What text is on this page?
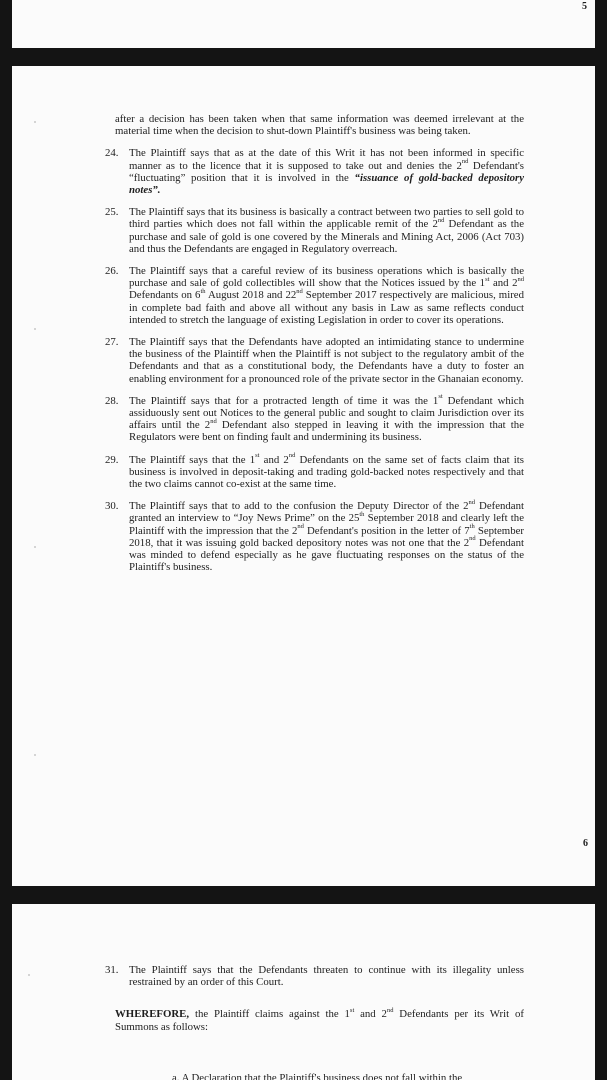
5

after a decision has been taken when that same information was deemed irrelevant at the material time when the decision to shut-down Plaintiff's business was being taken.

24. The Plaintiff says that as at the date of this Writ it has not been informed in specific manner as to the licence that it is supposed to take out and denies the 2nd Defendant's “fluctuating” position that it is involved in the “issuance of gold-backed depository notes”.

25. The Plaintiff says that its business is basically a contract between two parties to sell gold to third parties which does not fall within the applicable remit of the 2nd Defendant as the purchase and sale of gold is one covered by the Minerals and Mining Act, 2006 (Act 703) and thus the Defendants are engaged in Regulatory overreach.

26. The Plaintiff says that a careful review of its business operations which is basically the purchase and sale of gold collectibles will show that the Notices issued by the 1st and 2nd Defendants on 6th August 2018 and 22nd September 2017 respectively are malicious, mired in complete bad faith and above all without any basis in Law as same reflects conduct intended to stretch the language of existing Legislation in order to cover its operations.

27. The Plaintiff says that the Defendants have adopted an intimidating stance to undermine the business of the Plaintiff when the Plaintiff is not subject to the regulatory ambit of the Defendants and that as a constitutional body, the Defendants have a duty to foster an enabling environment for a pronounced role of the private sector in the Ghanaian economy.

28. The Plaintiff says that for a protracted length of time it was the 1st Defendant which assiduously sent out Notices to the general public and sought to claim Jurisdiction over its affairs until the 2nd Defendant also stepped in leaving it with the impression that the Regulators were bent on finding fault and undermining its business.

29. The Plaintiff says that the 1st and 2nd Defendants on the same set of facts claim that its business is involved in deposit-taking and trading gold-backed notes respectively and that the two claims cannot co-exist at the same time.

30. The Plaintiff says that to add to the confusion the Deputy Director of the 2nd Defendant granted an interview to “Joy News Prime” on the 25th September 2018 and clearly left the Plaintiff with the impression that the 2nd Defendant's position in the letter of 7th September 2018, that it was issuing gold backed depository notes was not one that the 2nd Defendant was minded to defend especially as he gave fluctuating responses on the status of the Plaintiff's business.

6
31. The Plaintiff says that the Defendants threaten to continue with its illegality unless restrained by an order of this Court.

WHEREFORE, the Plaintiff claims against the 1st and 2nd Defendants per its Writ of Summons as follows:

a. A Declaration that the Plaintiff's business does not fall within the
